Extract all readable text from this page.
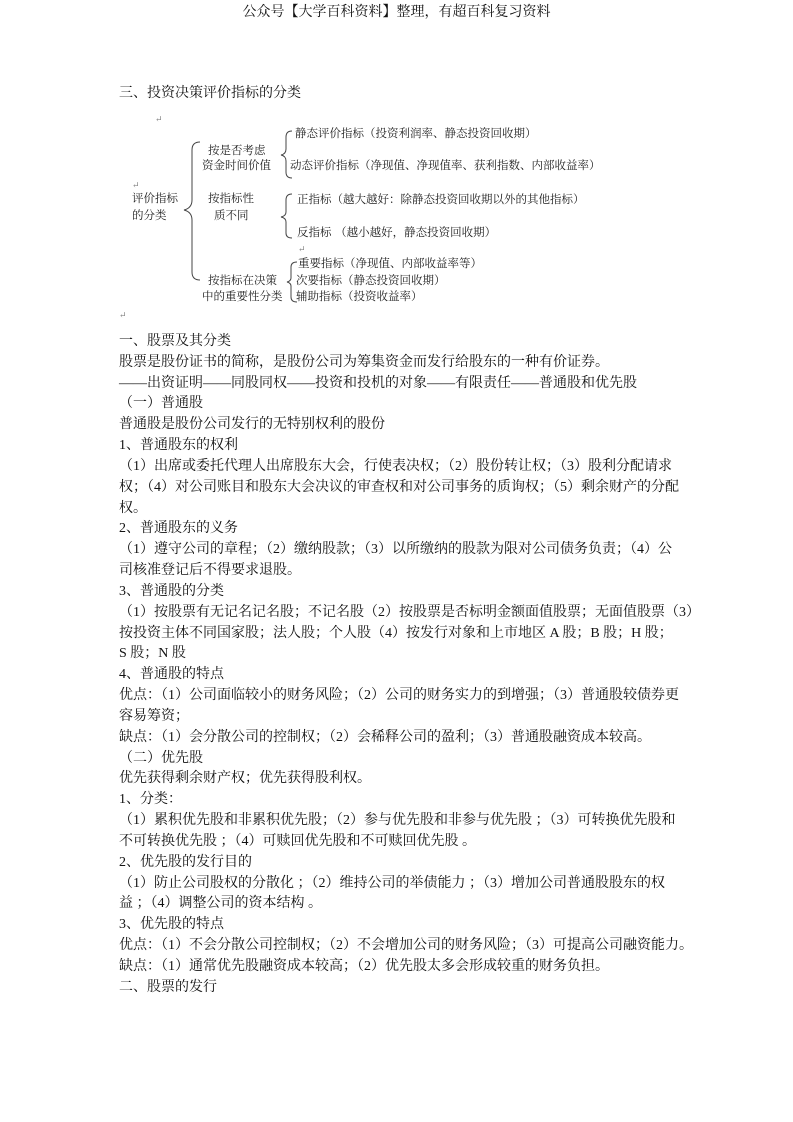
公众号【大学百科资料】整理，有超百科复习资料
三、投资决策评价指标的分类
↵
↵
评价指标
的分类
按是否考虑
资金时间价值
静态评价指标（投资利润率、静态投资回收期）
动态评价指标（净现值、净现值率、获利指数、内部收益率）
按指标性
质不同
正指标（越大越好：除静态投资回收期以外的其他指标）
反指标 （越小越好，静态投资回收期）
↵
按指标在决策
中的重要性分类
重要指标（净现值、内部收益率等）
次要指标（静态投资回收期）
辅助指标（投资收益率）
↵
一、股票及其分类
股票是股份证书的简称，是股份公司为筹集资金而发行给股东的一种有价证券。
——出资证明——同股同权——投资和投机的对象——有限责任——普通股和优先股
（一）普通股
普通股是股份公司发行的无特别权利的股份
1、普通股东的权利
（1）出席或委托代理人出席股东大会，行使表决权；（2）股份转让权；（3）股利分配请求
权；（4）对公司账目和股东大会决议的审查权和对公司事务的质询权；（5）剩余财产的分配
权。
2、普通股东的义务
（1）遵守公司的章程；（2）缴纳股款；（3）以所缴纳的股款为限对公司债务负责；（4）公
司核准登记后不得要求退股。
3、普通股的分类
（1）按股票有无记名记名股；不记名股（2）按股票是否标明金额面值股票；无面值股票（3）
按投资主体不同国家股；法人股；个人股（4）按发行对象和上市地区 A 股；B 股；H 股；
S 股；N 股
4、普通股的特点
优点：（1）公司面临较小的财务风险；（2）公司的财务实力的到增强；（3）普通股较债券更
容易筹资；
缺点：（1）会分散公司的控制权；（2）会稀释公司的盈利；（3）普通股融资成本较高。
（二）优先股
优先获得剩余财产权；优先获得股利权。
1、分类：
（1）累积优先股和非累积优先股；（2）参与优先股和非参与优先股 ；（3）可转换优先股和
不可转换优先股 ；（4）可赎回优先股和不可赎回优先股 。
2、优先股的发行目的
（1）防止公司股权的分散化 ；（2）维持公司的举债能力 ；（3）增加公司普通股股东的权
益 ；（4）调整公司的资本结构 。
3、优先股的特点
优点：（1）不会分散公司控制权；（2）不会增加公司的财务风险；（3）可提高公司融资能力。
缺点：（1）通常优先股融资成本较高；（2）优先股太多会形成较重的财务负担。
二、股票的发行
